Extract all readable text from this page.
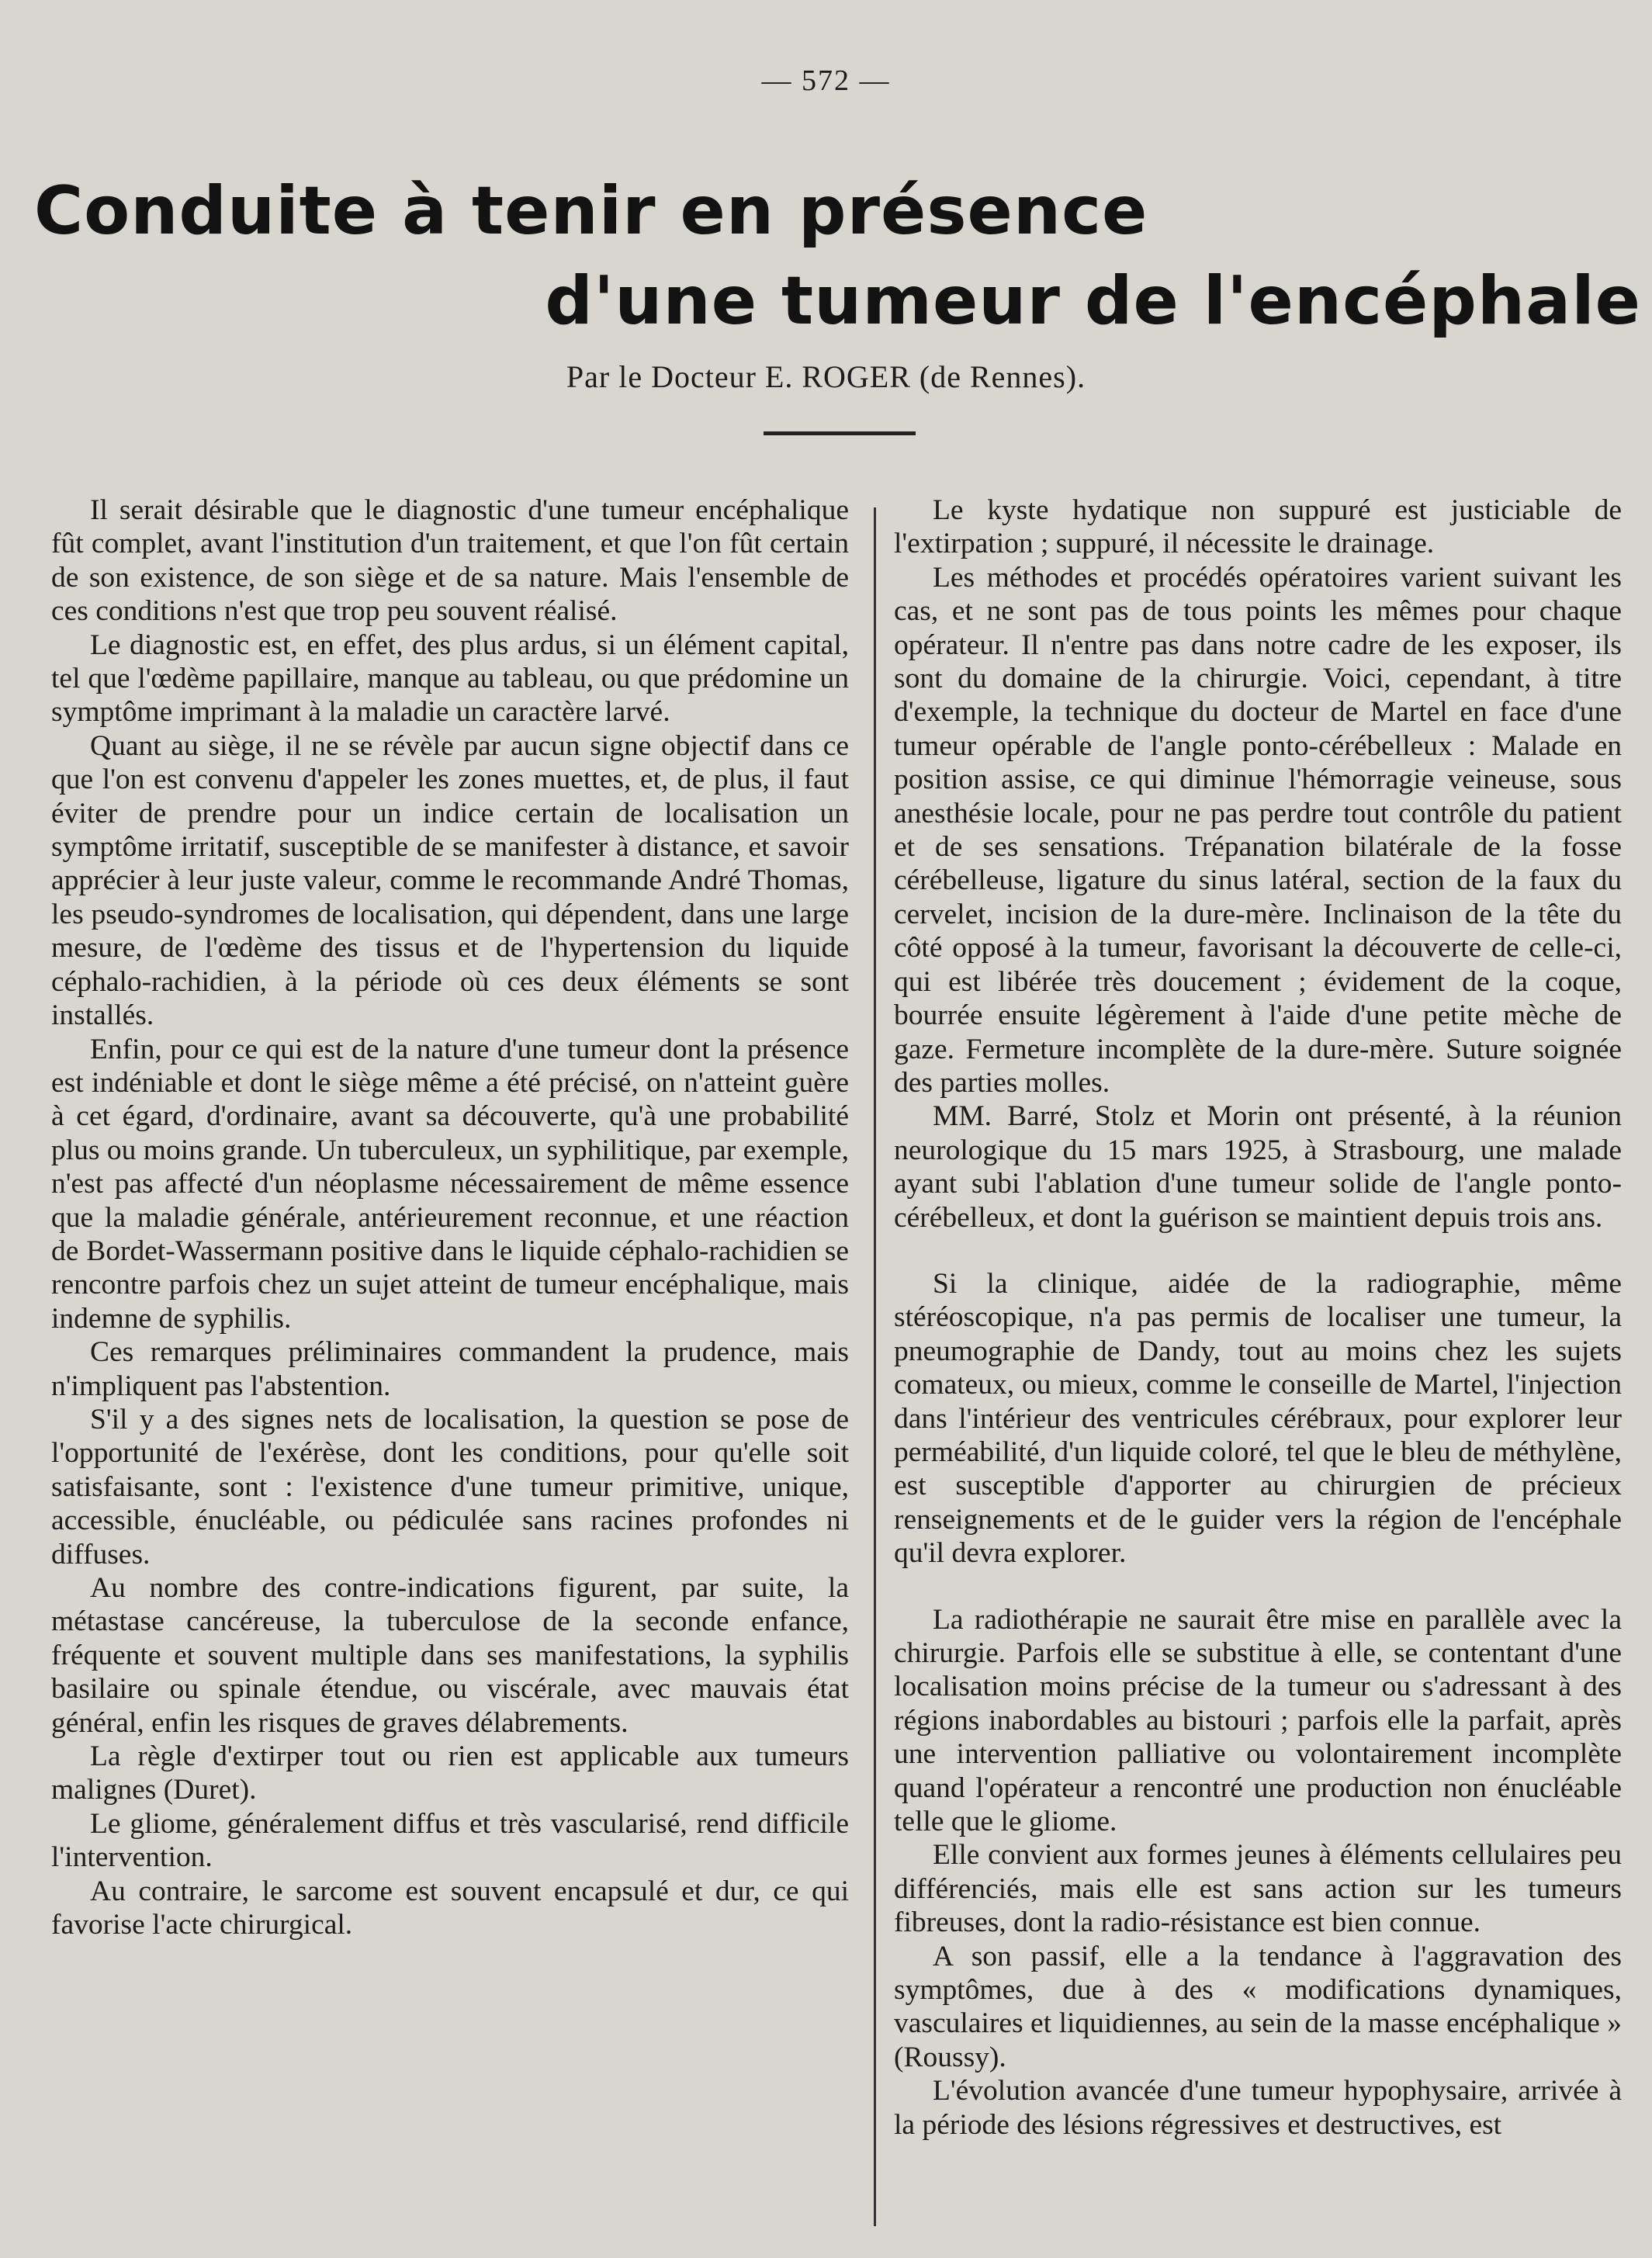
— 572 —
Conduite à tenir en présence
d'une tumeur de l'encéphale
Par le Docteur E. ROGER (de Rennes).

Il serait désirable que le diagnostic d'une tumeur encéphalique fût complet, avant l'institution d'un traitement, et que l'on fût certain de son existence, de son siège et de sa nature. Mais l'ensemble de ces conditions n'est que trop peu souvent réalisé.

Le diagnostic est, en effet, des plus ardus, si un élément capital, tel que l'œdème papillaire, manque au tableau, ou que prédomine un symptôme imprimant à la maladie un caractère larvé.

Quant au siège, il ne se révèle par aucun signe objectif dans ce que l'on est convenu d'appeler les zones muettes, et, de plus, il faut éviter de prendre pour un indice certain de localisation un symptôme irritatif, susceptible de se manifester à distance, et savoir apprécier à leur juste valeur, comme le recommande André Thomas, les pseudo-syndromes de localisation, qui dépendent, dans une large mesure, de l'œdème des tissus et de l'hypertension du liquide céphalo-rachidien, à la période où ces deux éléments se sont installés.

Enfin, pour ce qui est de la nature d'une tumeur dont la présence est indéniable et dont le siège même a été précisé, on n'atteint guère à cet égard, d'ordinaire, avant sa découverte, qu'à une probabilité plus ou moins grande. Un tuberculeux, un syphilitique, par exemple, n'est pas affecté d'un néoplasme nécessairement de même essence que la maladie générale, antérieurement reconnue, et une réaction de Bordet-Wassermann positive dans le liquide céphalo-rachidien se rencontre parfois chez un sujet atteint de tumeur encéphalique, mais indemne de syphilis.

Ces remarques préliminaires commandent la prudence, mais n'impliquent pas l'abstention.

S'il y a des signes nets de localisation, la question se pose de l'opportunité de l'exérèse, dont les conditions, pour qu'elle soit satisfaisante, sont : l'existence d'une tumeur primitive, unique, accessible, énucléable, ou pédiculée sans racines profondes ni diffuses.

Au nombre des contre-indications figurent, par suite, la métastase cancéreuse, la tuberculose de la seconde enfance, fréquente et souvent multiple dans ses manifestations, la syphilis basilaire ou spinale étendue, ou viscérale, avec mauvais état général, enfin les risques de graves délabrements.

La règle d'extirper tout ou rien est applicable aux tumeurs malignes (Duret).

Le gliome, généralement diffus et très vascularisé, rend difficile l'intervention.

Au contraire, le sarcome est souvent encapsulé et dur, ce qui favorise l'acte chirurgical.

Le kyste hydatique non suppuré est justiciable de l'extirpation ; suppuré, il nécessite le drainage.

Les méthodes et procédés opératoires varient suivant les cas, et ne sont pas de tous points les mêmes pour chaque opérateur. Il n'entre pas dans notre cadre de les exposer, ils sont du domaine de la chirurgie. Voici, cependant, à titre d'exemple, la technique du docteur de Martel en face d'une tumeur opérable de l'angle ponto-cérébelleux : Malade en position assise, ce qui diminue l'hémorragie veineuse, sous anesthésie locale, pour ne pas perdre tout contrôle du patient et de ses sensations. Trépanation bilatérale de la fosse cérébelleuse, ligature du sinus latéral, section de la faux du cervelet, incision de la dure-mère. Inclinaison de la tête du côté opposé à la tumeur, favorisant la découverte de celle-ci, qui est libérée très doucement ; évidement de la coque, bourrée ensuite légèrement à l'aide d'une petite mèche de gaze. Fermeture incomplète de la dure-mère. Suture soignée des parties molles.

MM. Barré, Stolz et Morin ont présenté, à la réunion neurologique du 15 mars 1925, à Strasbourg, une malade ayant subi l'ablation d'une tumeur solide de l'angle ponto-cérébelleux, et dont la guérison se maintient depuis trois ans.

Si la clinique, aidée de la radiographie, même stéréoscopique, n'a pas permis de localiser une tumeur, la pneumographie de Dandy, tout au moins chez les sujets comateux, ou mieux, comme le conseille de Martel, l'injection dans l'intérieur des ventricules cérébraux, pour explorer leur perméabilité, d'un liquide coloré, tel que le bleu de méthylène, est susceptible d'apporter au chirurgien de précieux renseignements et de le guider vers la région de l'encéphale qu'il devra explorer.

La radiothérapie ne saurait être mise en parallèle avec la chirurgie. Parfois elle se substitue à elle, se contentant d'une localisation moins précise de la tumeur ou s'adressant à des régions inabordables au bistouri ; parfois elle la parfait, après une intervention palliative ou volontairement incomplète quand l'opérateur a rencontré une production non énucléable telle que le gliome.

Elle convient aux formes jeunes à éléments cellulaires peu différenciés, mais elle est sans action sur les tumeurs fibreuses, dont la radio-résistance est bien connue.

A son passif, elle a la tendance à l'aggravation des symptômes, due à des « modifications dynamiques, vasculaires et liquidiennes, au sein de la masse encéphalique » (Roussy).

L'évolution avancée d'une tumeur hypophysaire, arrivée à la période des lésions régressives et destructives, est
